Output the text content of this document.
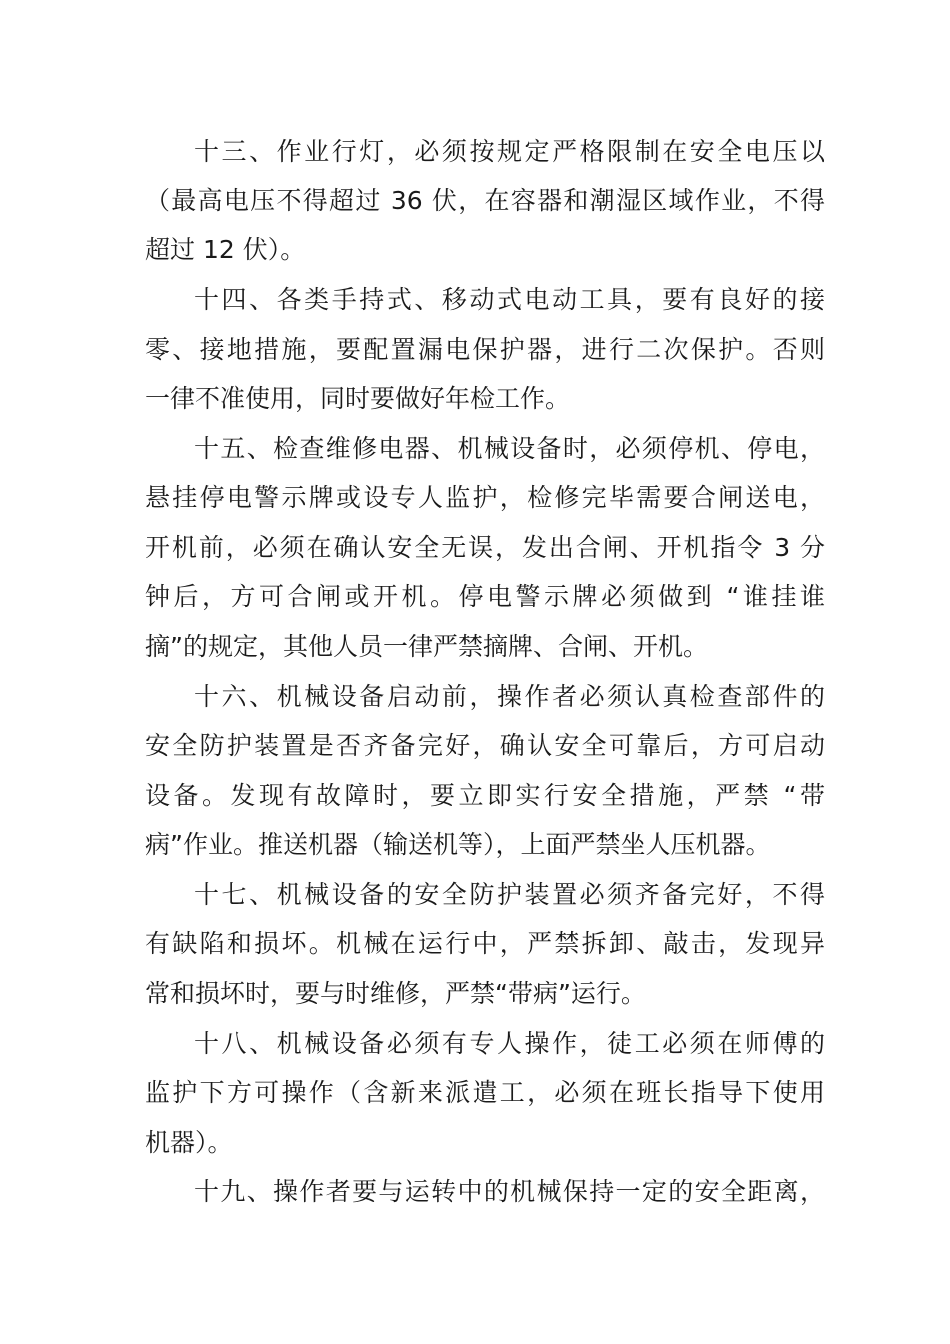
十三、作业行灯，必须按规定严格限制在安全电压以
（最高电压不得超过 36 伏，在容器和潮湿区域作业，不得
超过 12 伏）。
十四、各类手持式、移动式电动工具，要有良好的接
零、接地措施，要配置漏电保护器，进行二次保护。否则
一律不准使用，同时要做好年检工作。
十五、检查维修电器、机械设备时，必须停机、停电，
悬挂停电警示牌或设专人监护，检修完毕需要合闸送电，
开机前，必须在确认安全无误，发出合闸、开机指令 3 分
钟后，方可合闸或开机。停电警示牌必须做到 “谁挂谁
摘”的规定，其他人员一律严禁摘牌、合闸、开机。
十六、机械设备启动前，操作者必须认真检查部件的
安全防护装置是否齐备完好，确认安全可靠后，方可启动
设备。发现有故障时，要立即实行安全措施，严禁 “带
病”作业。推送机器（输送机等），上面严禁坐人压机器。
十七、机械设备的安全防护装置必须齐备完好，不得
有缺陷和损坏。机械在运行中，严禁拆卸、敲击，发现异
常和损坏时，要与时维修，严禁“带病”运行。
十八、机械设备必须有专人操作，徒工必须在师傅的
监护下方可操作（含新来派遣工，必须在班长指导下使用
机器）。
十九、操作者要与运转中的机械保持一定的安全距离，
